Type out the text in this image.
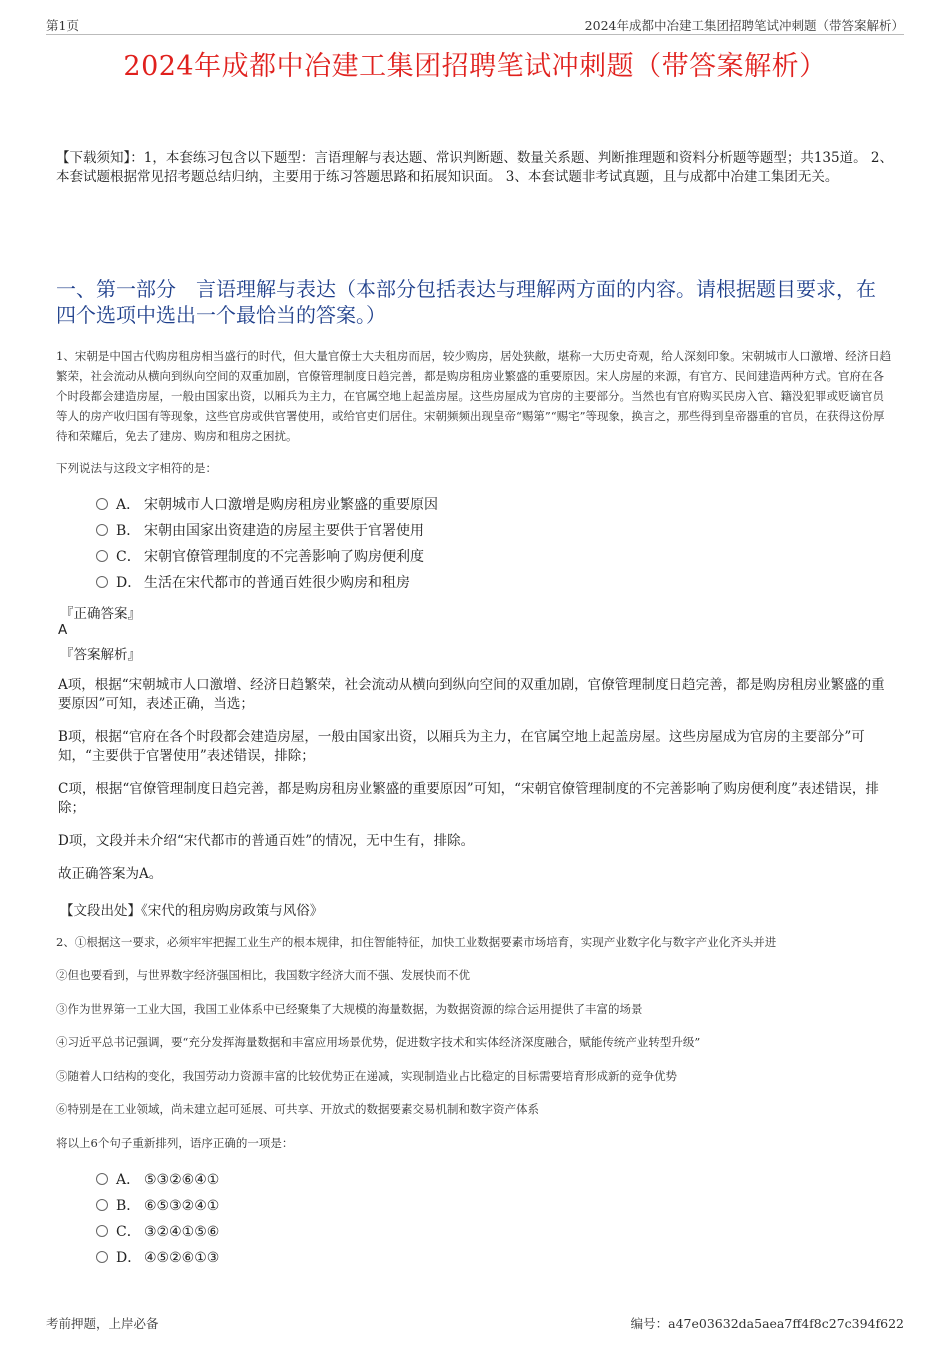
第1页	2024年成都中冶建工集团招聘笔试冲刺题（带答案解析）
2024年成都中冶建工集团招聘笔试冲刺题（带答案解析）
【下载须知】：1，本套练习包含以下题型：言语理解与表达题、常识判断题、数量关系题、判断推理题和资料分析题等题型；共135道。 2、本套试题根据常见招考题总结归纳，主要用于练习答题思路和拓展知识面。 3、本套试题非考试真题，且与成都中冶建工集团无关。
一、第一部分　言语理解与表达（本部分包括表达与理解两方面的内容。请根据题目要求，在四个选项中选出一个最恰当的答案。）
1、宋朝是中国古代购房租房相当盛行的时代，但大量官僚士大夫租房而居，较少购房，居处狭敝，堪称一大历史奇观，给人深刻印象。宋朝城市人口激增、经济日趋繁荣，社会流动从横向到纵向空间的双重加剧，官僚管理制度日趋完善，都是购房租房业繁盛的重要原因。宋人房屋的来源，有官方、民间建造两种方式。官府在各个时段都会建造房屋，一般由国家出资，以厢兵为主力，在官属空地上起盖房屋。这些房屋成为官房的主要部分。当然也有官府购买民房入官、籍没犯罪或贬谪官员等人的房产收归国有等现象，这些官房或供官署使用，或给官吏们居住。宋朝频频出现皇帝“赐第”“赐宅”等现象，换言之，那些得到皇帝器重的官员，在获得这份厚待和荣耀后，免去了建房、购房和租房之困扰。
下列说法与这段文字相符的是：
A． 宋朝城市人口激增是购房租房业繁盛的重要原因
B． 宋朝由国家出资建造的房屋主要供于官署使用
C． 宋朝官僚管理制度的不完善影响了购房便利度
D． 生活在宋代都市的普通百姓很少购房和租房
『正确答案』
A
『答案解析』
A项，根据“宋朝城市人口激增、经济日趋繁荣，社会流动从横向到纵向空间的双重加剧，官僚管理制度日趋完善，都是购房租房业繁盛的重要原因”可知，表述正确，当选；
B项，根据“官府在各个时段都会建造房屋，一般由国家出资，以厢兵为主力，在官属空地上起盖房屋。这些房屋成为官房的主要部分”可知，“主要供于官署使用”表述错误，排除；
C项，根据“官僚管理制度日趋完善，都是购房租房业繁盛的重要原因”可知，“宋朝官僚管理制度的不完善影响了购房便利度”表述错误，排除；
D项，文段并未介绍“宋代都市的普通百姓”的情况，无中生有，排除。
故正确答案为A。
【文段出处】《宋代的租房购房政策与风俗》
2、①根据这一要求，必须牢牢把握工业生产的根本规律，扣住智能特征，加快工业数据要素市场培育，实现产业数字化与数字产业化齐头并进
②但也要看到，与世界数字经济强国相比，我国数字经济大而不强、发展快而不优
③作为世界第一工业大国，我国工业体系中已经聚集了大规模的海量数据，为数据资源的综合运用提供了丰富的场景
④习近平总书记强调，要“充分发挥海量数据和丰富应用场景优势，促进数字技术和实体经济深度融合，赋能传统产业转型升级”
⑤随着人口结构的变化，我国劳动力资源丰富的比较优势正在递减，实现制造业占比稳定的目标需要培育形成新的竞争优势
⑥特别是在工业领域，尚未建立起可延展、可共享、开放式的数据要素交易机制和数字资产体系
将以上6个句子重新排列，语序正确的一项是：
A． ⑤③②⑥④①
B． ⑥⑤③②④①
C． ③②④①⑤⑥
D． ④⑤②⑥①③
考前押题，上岸必备	编号：a47e03632da5aea7ff4f8c27c394f622
